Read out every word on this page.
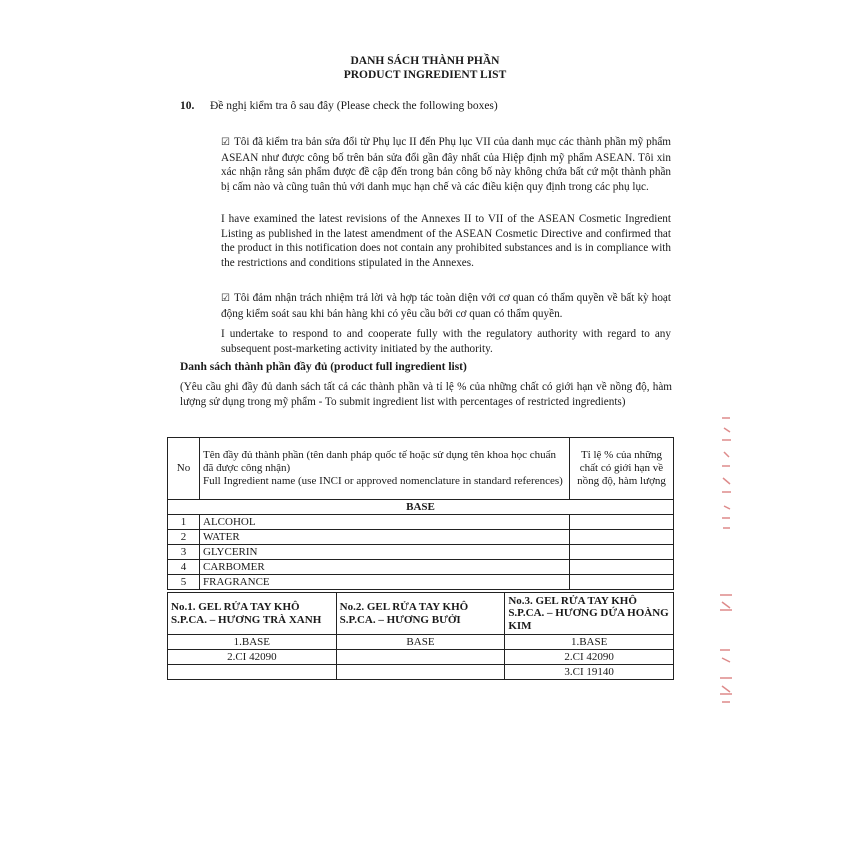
DANH SÁCH THÀNH PHẦN
PRODUCT INGREDIENT LIST
10. Đề nghị kiểm tra ô sau đây (Please check the following boxes)
☑ Tôi đã kiểm tra bản sửa đổi từ Phụ lục II đến Phụ lục VII của danh mục các thành phần mỹ phẩm ASEAN như được công bố trên bản sửa đổi gần đây nhất của Hiệp định mỹ phẩm ASEAN. Tôi xin xác nhận rằng sản phẩm được đề cập đến trong bản công bố này không chứa bất cứ một thành phần bị cấm nào và cũng tuân thủ với danh mục hạn chế và các điều kiện quy định trong các phụ lục.
I have examined the latest revisions of the Annexes II to VII of the ASEAN Cosmetic Ingredient Listing as published in the latest amendment of the ASEAN Cosmetic Directive and confirmed that the product in this notification does not contain any prohibited substances and is in compliance with the restrictions and conditions stipulated in the Annexes.
☑ Tôi đảm nhận trách nhiệm trả lời và hợp tác toàn diện với cơ quan có thẩm quyền về bất kỳ hoạt động kiểm soát sau khi bán hàng khi có yêu cầu bởi cơ quan có thẩm quyền.
I undertake to respond to and cooperate fully with the regulatory authority with regard to any subsequent post-marketing activity initiated by the authority.
Danh sách thành phần đầy đủ (product full ingredient list)
(Yêu cầu ghi đầy đủ danh sách tất cả các thành phần và tỉ lệ % của những chất có giới hạn về nồng độ, hàm lượng sử dụng trong mỹ phẩm - To submit ingredient list with percentages of restricted ingredients)
No	Tên đầy đủ thành phần (tên danh pháp quốc tế hoặc sử dụng tên khoa học chuẩn đã được công nhận)
Full Ingredient name (use INCI or approved nomenclature in standard references)	Tỉ lệ % của những chất có giới hạn về nồng độ, hàm lượng
BASE		
1	ALCOHOL	
2	WATER	
3	GLYCERIN	
4	CARBOMER	
5	FRAGRANCE	
No.1. GEL RỬA TAY KHÔ S.P.CA. – HƯƠNG TRÀ XANH	No.2. GEL RỬA TAY KHÔ S.P.CA. – HƯƠNG BƯỞI	No.3. GEL RỬA TAY KHÔ S.P.CA. – HƯƠNG DỨA HOÀNG KIM
1.BASE	BASE	1.BASE
2.CI 42090		2.CI 42090
		3.CI 19140
